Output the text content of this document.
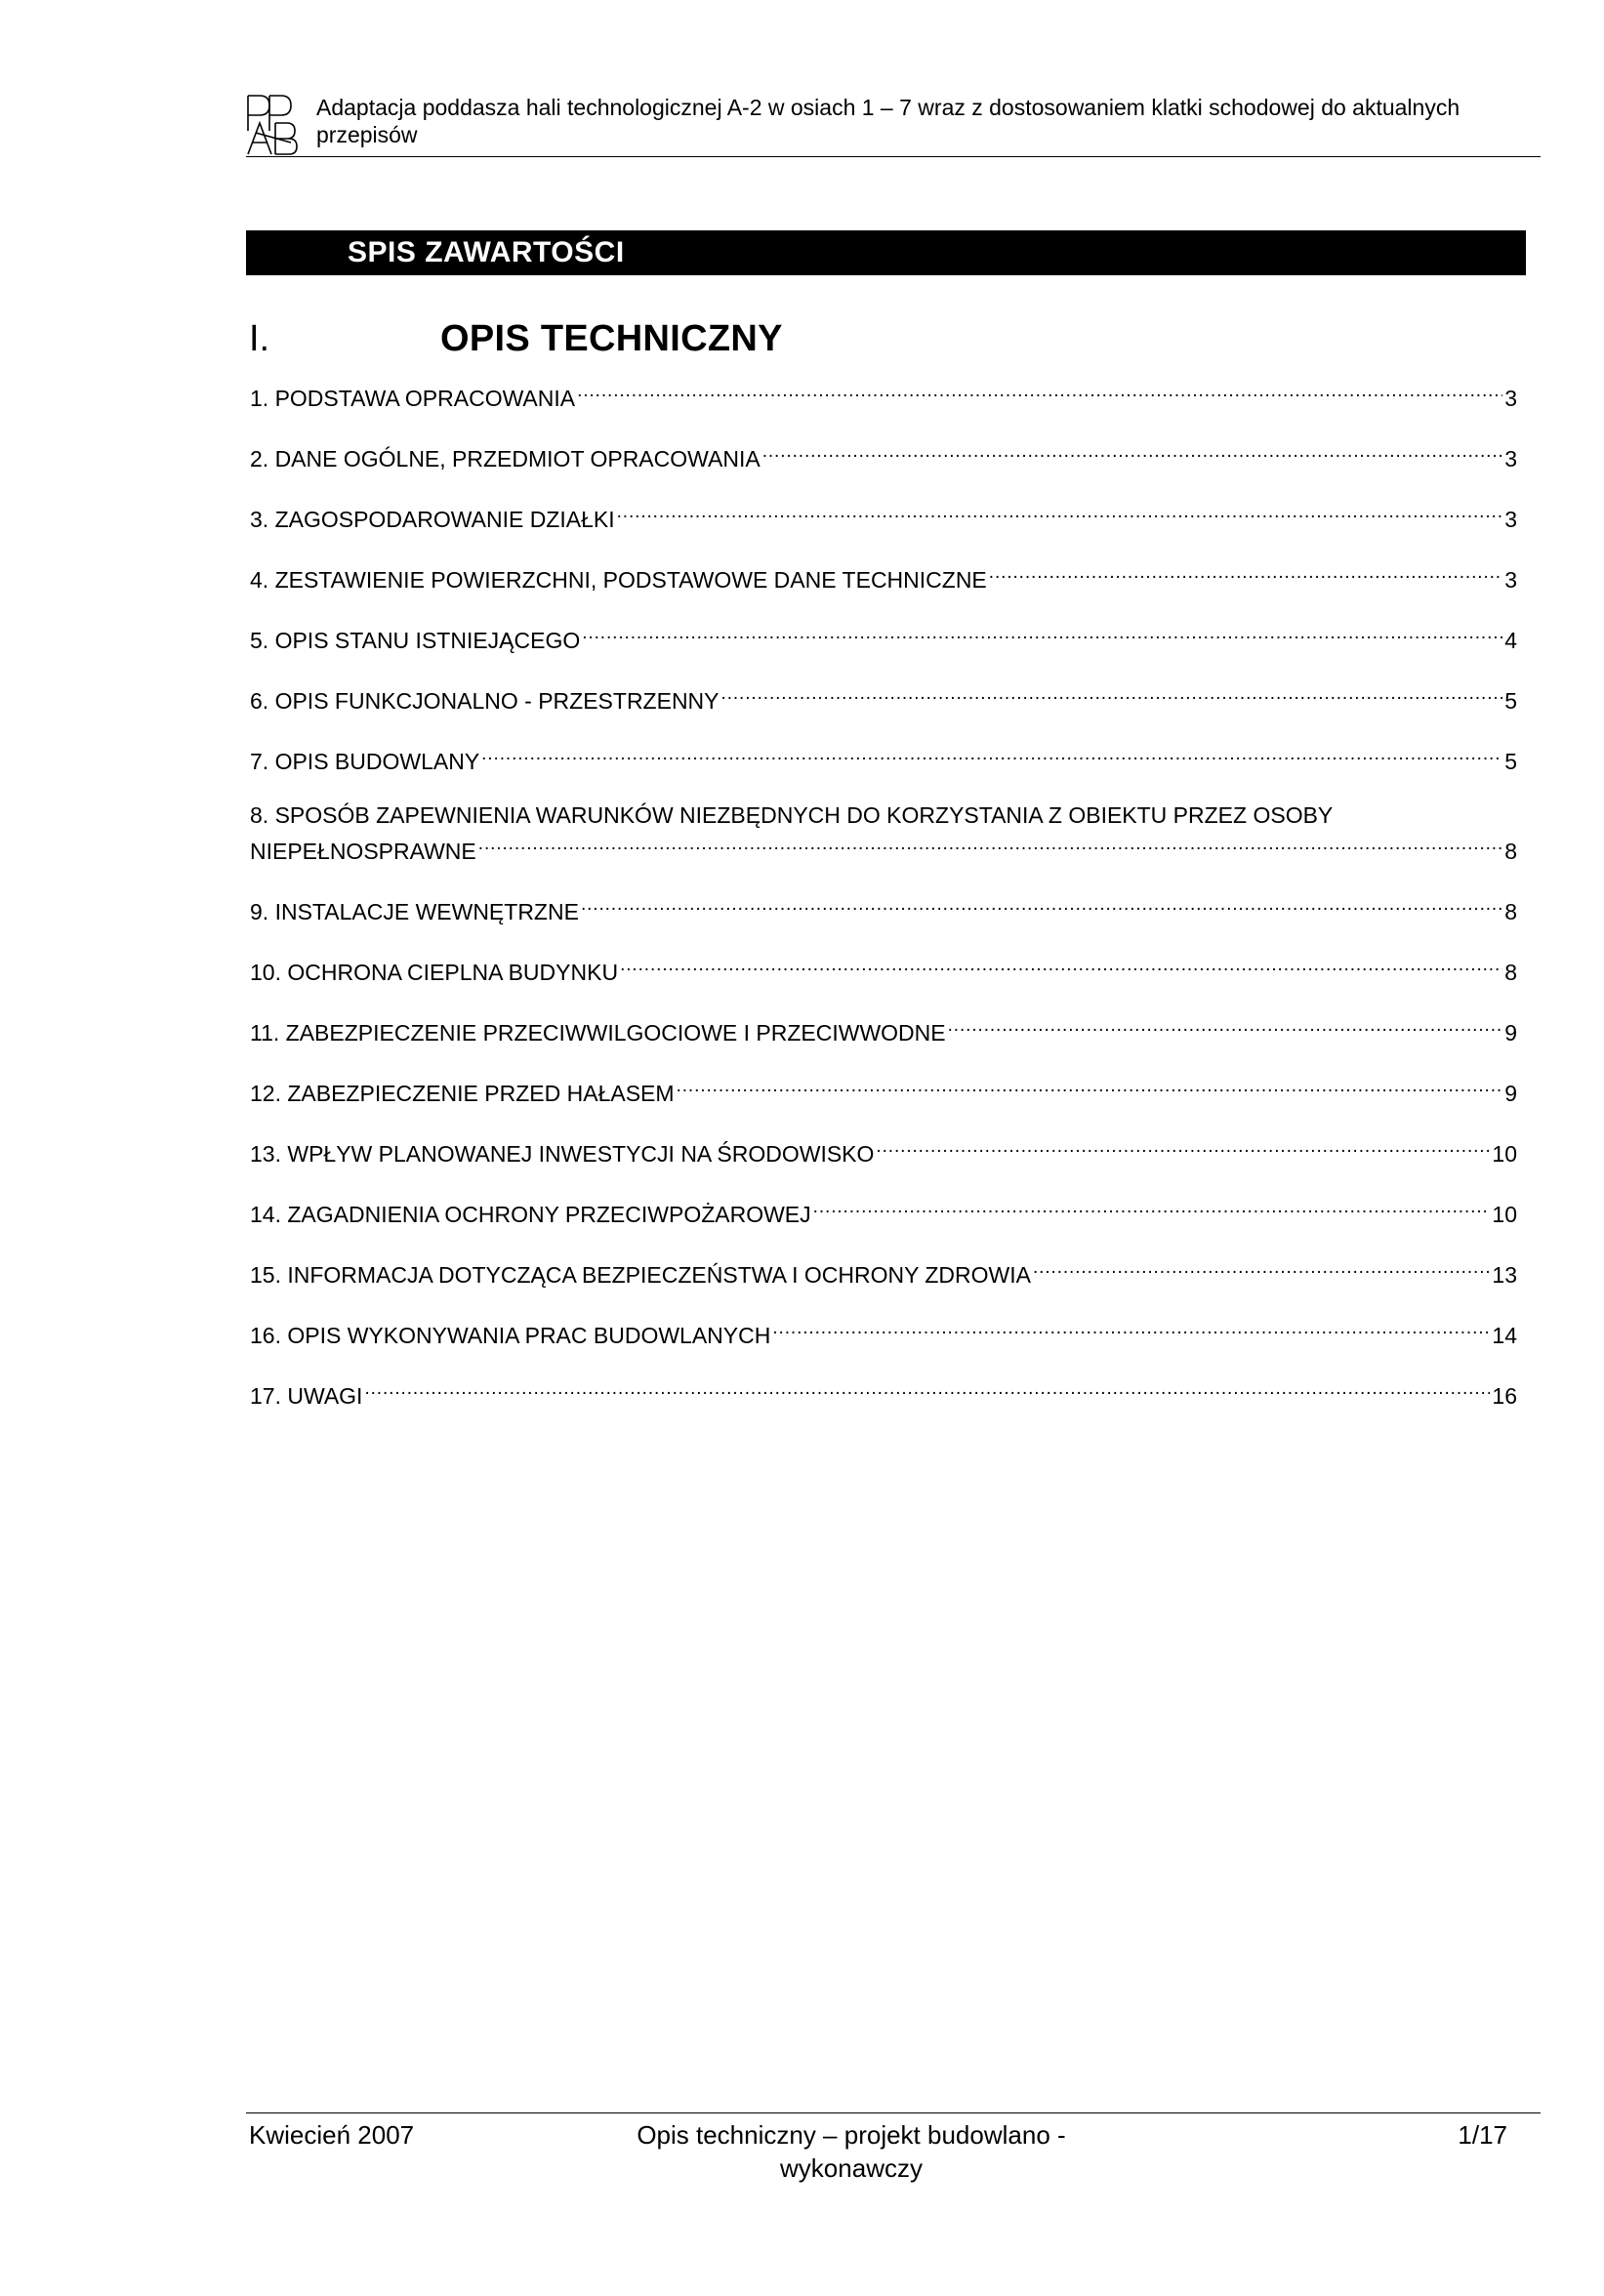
Adaptacja poddasza hali technologicznej A-2 w osiach 1 – 7 wraz z dostosowaniem klatki schodowej do aktualnych przepisów
SPIS ZAWARTOŚCI
I.	OPIS TECHNICZNY
1. PODSTAWA OPRACOWANIA .....	3
2. DANE OGÓLNE, PRZEDMIOT OPRACOWANIA .....	3
3. ZAGOSPODAROWANIE DZIAŁKI .....	3
4. ZESTAWIENIE POWIERZCHNI, PODSTAWOWE DANE TECHNICZNE .....	3
5. OPIS STANU ISTNIEJĄCEGO .....	4
6. OPIS FUNKCJONALNO - PRZESTRZENNY .....	5
7. OPIS BUDOWLANY .....	5
8. SPOSÓB ZAPEWNIENIA WARUNKÓW NIEZBĘDNYCH DO KORZYSTANIA Z OBIEKTU PRZEZ OSOBY
NIEPEŁNOSPRAWNE .....	8
9. INSTALACJE WEWNĘTRZNE .....	8
10. OCHRONA CIEPLNA BUDYNKU .....	8
11. ZABEZPIECZENIE PRZECIWWILGOCIOWE I PRZECIWWODNE .....	9
12. ZABEZPIECZENIE PRZED HAŁASEM .....	9
13. WPŁYW PLANOWANEJ INWESTYCJI NA ŚRODOWISKO .....	10
14. ZAGADNIENIA OCHRONY PRZECIWPOŻAROWEJ .....	10
15. INFORMACJA DOTYCZĄCA BEZPIECZEŃSTWA I OCHRONY ZDROWIA .....	13
16. OPIS WYKONYWANIA PRAC BUDOWLANYCH .....	14
17. UWAGI .....	16
Kwiecień 2007	Opis techniczny – projekt budowlano - wykonawczy
1/17
